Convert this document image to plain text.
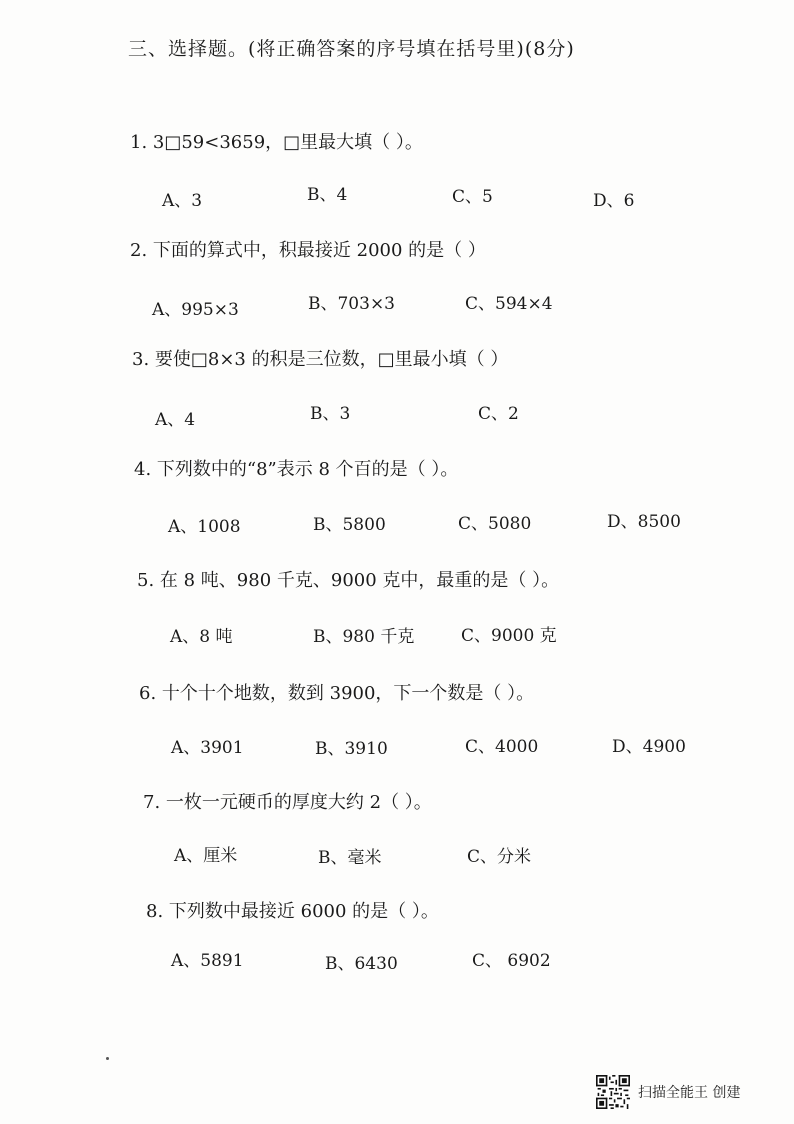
三、选择题。(将正确答案的序号填在括号里)(8分)
1. 3□59<3659，□里最大填（ ）。
A、3	B、4	C、5	D、6
2. 下面的算式中，积最接近 2000 的是（ ）
A、995×3	B、703×3	C、594×4
3. 要使□8×3 的积是三位数，□里最小填（ ）
A、4	B、3	C、2
4. 下列数中的“8”表示 8 个百的是（ ）。
A、1008	B、5800	C、5080	D、8500
5. 在 8 吨、980 千克、9000 克中，最重的是（ ）。
A、8 吨	B、980 千克	C、9000 克
6. 十个十个地数，数到 3900，下一个数是（ ）。
A、3901	B、3910	C、4000	D、4900
7. 一枚一元硬币的厚度大约 2（ ）。
A、厘米	B、毫米	C、分米
8. 下列数中最接近 6000 的是（ ）。
A、5891	B、6430	C、 6902
扫描全能王 创建
